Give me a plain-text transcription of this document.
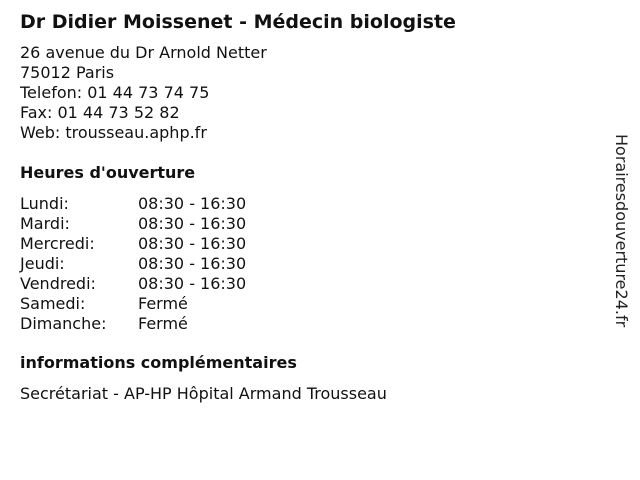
Dr Didier Moissenet - Médecin biologiste
26 avenue du Dr Arnold Netter
75012 Paris
Telefon: 01 44 73 74 75
Fax: 01 44 73 52 82
Web: trousseau.aphp.fr
Heures d'ouverture
Lundi:	08:30 - 16:30
Mardi:	08:30 - 16:30
Mercredi:	08:30 - 16:30
Jeudi:	08:30 - 16:30
Vendredi:	08:30 - 16:30
Samedi:	Fermé
Dimanche:	Fermé
informations complémentaires
Secrétariat - AP-HP Hôpital Armand Trousseau
Horairesdouverture24.fr
